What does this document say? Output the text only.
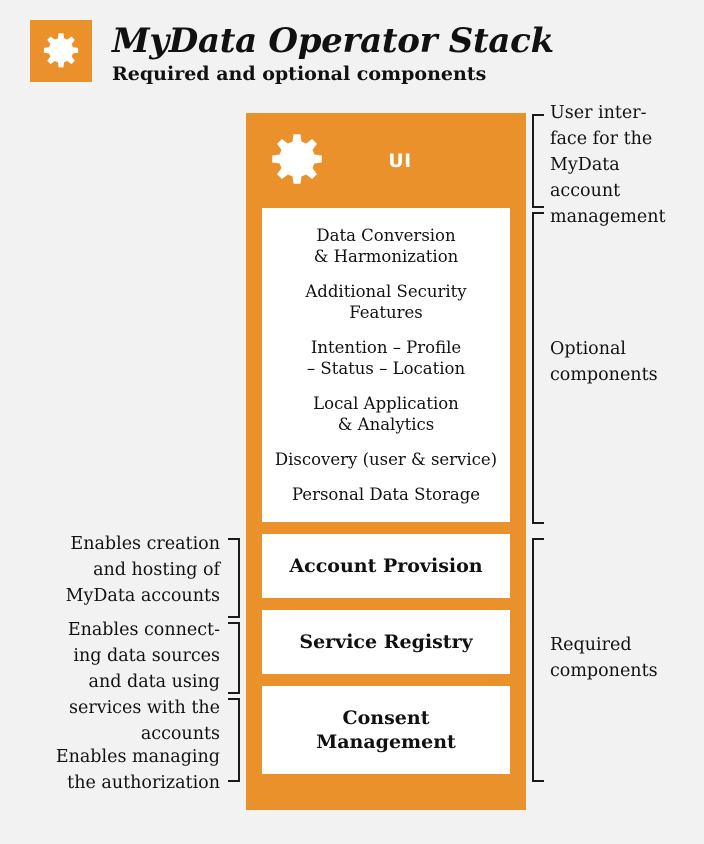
MyData Operator Stack
Required and optional components
UI
Data Conversion
& Harmonization
Additional Security
Features
Intention – Profile
– Status – Location
Local Application
& Analytics
Discovery (user & service)
Personal Data Storage
Account Provision
Service Registry
Consent
Management
User inter-
face for the
MyData
account
management
Optional
components
Required
components
Enables creation
and hosting of
MyData accounts
Enables connect-
ing data sources
and data using
services with the
accounts
Enables managing
the authorization
